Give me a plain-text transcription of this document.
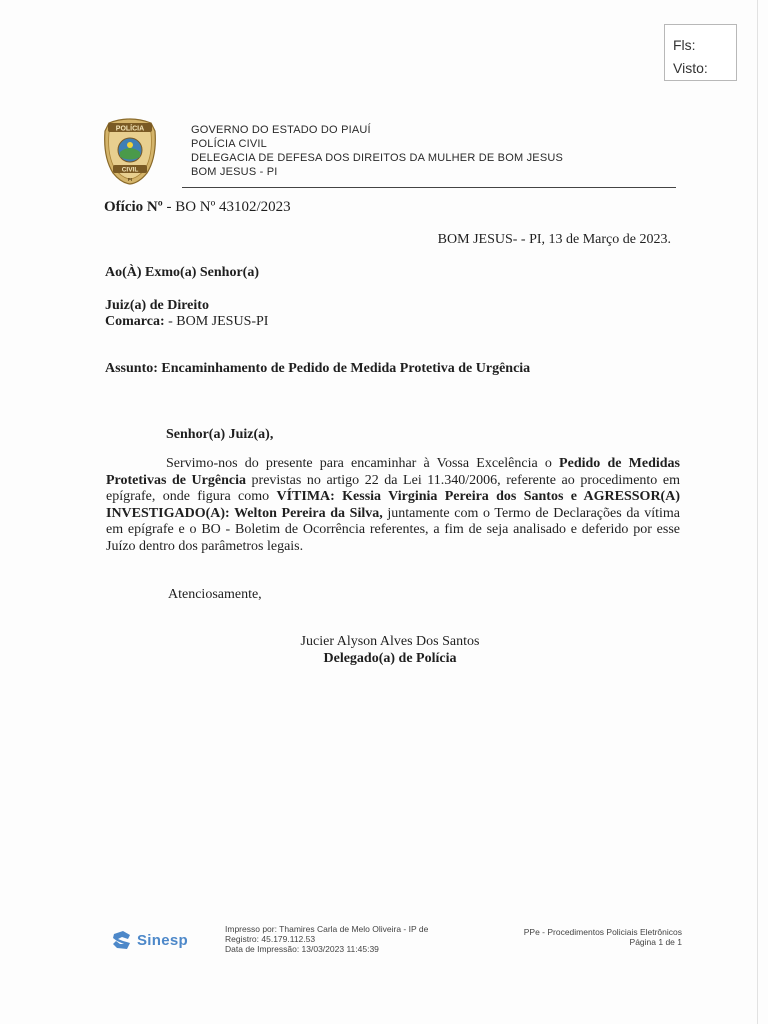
Fls:
Visto:
POLÍCIA
CIVIL
PI
GOVERNO DO ESTADO DO PIAUÍ
POLÍCIA CIVIL
DELEGACIA DE DEFESA DOS DIREITOS DA MULHER DE BOM JESUS
BOM JESUS - PI
Ofício Nº - BO Nº 43102/2023
BOM JESUS- - PI, 13 de Março de 2023.
Ao(À) Exmo(a) Senhor(a)
Juiz(a) de Direito
Comarca: - BOM JESUS-PI
Assunto: Encaminhamento de Pedido de Medida Protetiva de Urgência
Senhor(a) Juiz(a),
Servimo-nos do presente para encaminhar à Vossa Excelência o Pedido de Medidas Protetivas de Urgência previstas no artigo 22 da Lei 11.340/2006, referente ao procedimento em epígrafe, onde figura como VÍTIMA: Kessia Virginia Pereira dos Santos e AGRESSOR(A) INVESTIGADO(A): Welton Pereira da Silva, juntamente com o Termo de Declarações da vítima em epígrafe e o BO - Boletim de Ocorrência referentes, a fim de seja analisado e deferido por esse Juízo dentro dos parâmetros legais.
Atenciosamente,
Jucier Alyson Alves Dos Santos
Delegado(a) de Polícia
Sinesp
Impresso por: Thamires Carla de Melo Oliveira - IP de
Registro: 45.179.112.53
Data de Impressão: 13/03/2023 11:45:39
PPe - Procedimentos Policiais Eletrônicos
Página 1 de 1
